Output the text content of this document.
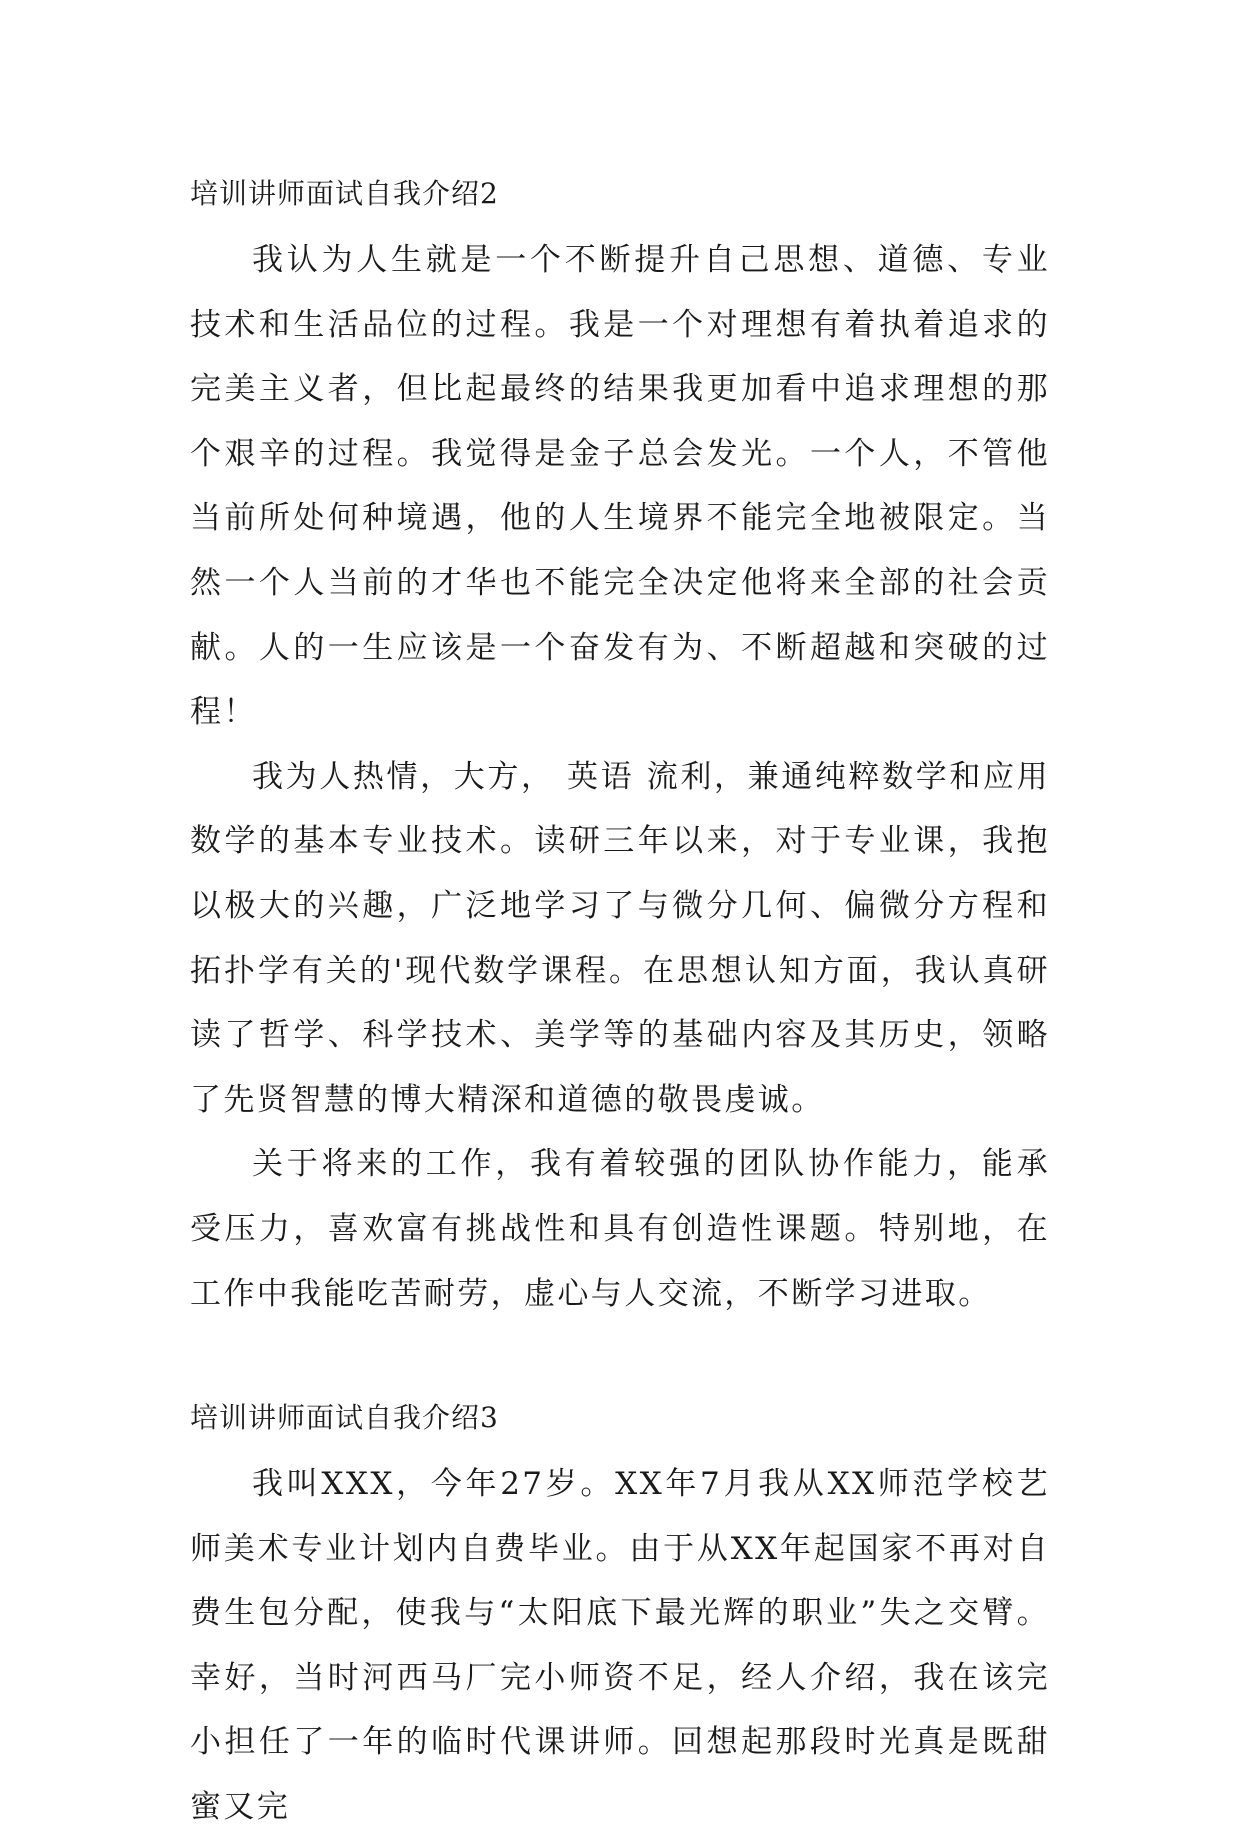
培训讲师面试自我介绍2

我认为人生就是一个不断提升自己思想、道德、专业技术和生活品位的过程。我是一个对理想有着执着追求的完美主义者，但比起最终的结果我更加看中追求理想的那个艰辛的过程。我觉得是金子总会发光。一个人，不管他当前所处何种境遇，他的人生境界不能完全地被限定。当然一个人当前的才华也不能完全决定他将来全部的社会贡献。人的一生应该是一个奋发有为、不断超越和突破的过程！

我为人热情，大方， 英语 流利，兼通纯粹数学和应用数学的基本专业技术。读研三年以来，对于专业课，我抱以极大的兴趣，广泛地学习了与微分几何、偏微分方程和拓扑学有关的'现代数学课程。在思想认知方面，我认真研读了哲学、科学技术、美学等的基础内容及其历史，领略了先贤智慧的博大精深和道德的敬畏虔诚。

关于将来的工作，我有着较强的团队协作能力，能承受压力，喜欢富有挑战性和具有创造性课题。特别地，在工作中我能吃苦耐劳，虚心与人交流，不断学习进取。

培训讲师面试自我介绍3

我叫XXX，今年27岁。XX年7月我从XX师范学校艺师美术专业计划内自费毕业。由于从XX年起国家不再对自费生包分配，使我与“太阳底下最光辉的职业”失之交臂。幸好，当时河西马厂完小师资不足，经人介绍，我在该完小担任了一年的临时代课讲师。回想起那段时光真是既甜蜜又完
